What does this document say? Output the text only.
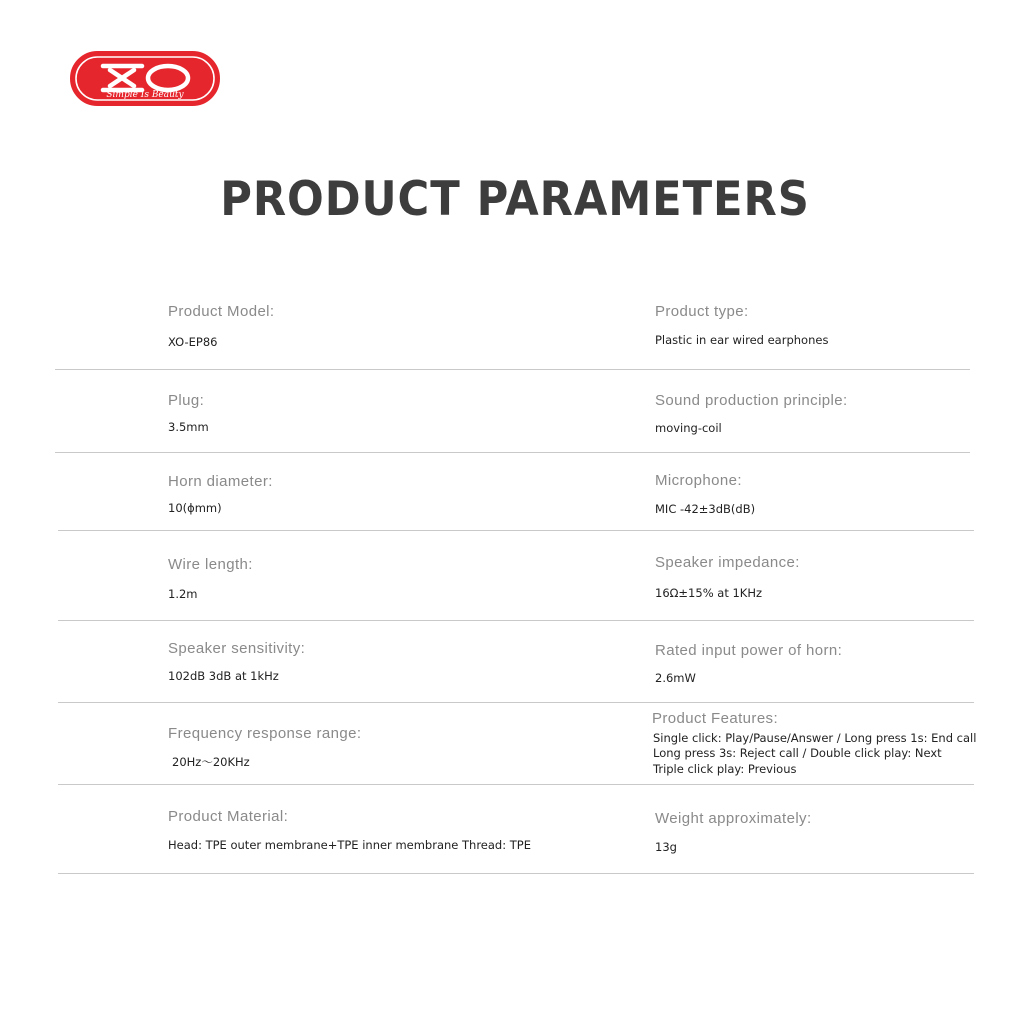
Simple Is Beauty
PRODUCT PARAMETERS
Product Model:
XO-EP86
Product type:
Plastic in ear wired earphones
Plug:
3.5mm
Sound production principle:
moving-coil
Horn diameter:
10(ϕmm)
Microphone:
MIC -42±3dB(dB)
Wire length:
1.2m
Speaker impedance:
16Ω±15% at 1KHz
Speaker sensitivity:
102dB 3dB at 1kHz
Rated input power of horn:
2.6mW
Frequency response range:
20Hz～20KHz
Product Features:
Single click: Play/Pause/Answer / Long press 1s: End call
Long press 3s: Reject call / Double click play: Next
Triple click play: Previous
Product Material:
Head: TPE outer membrane+TPE inner membrane Thread: TPE
Weight approximately:
13g
